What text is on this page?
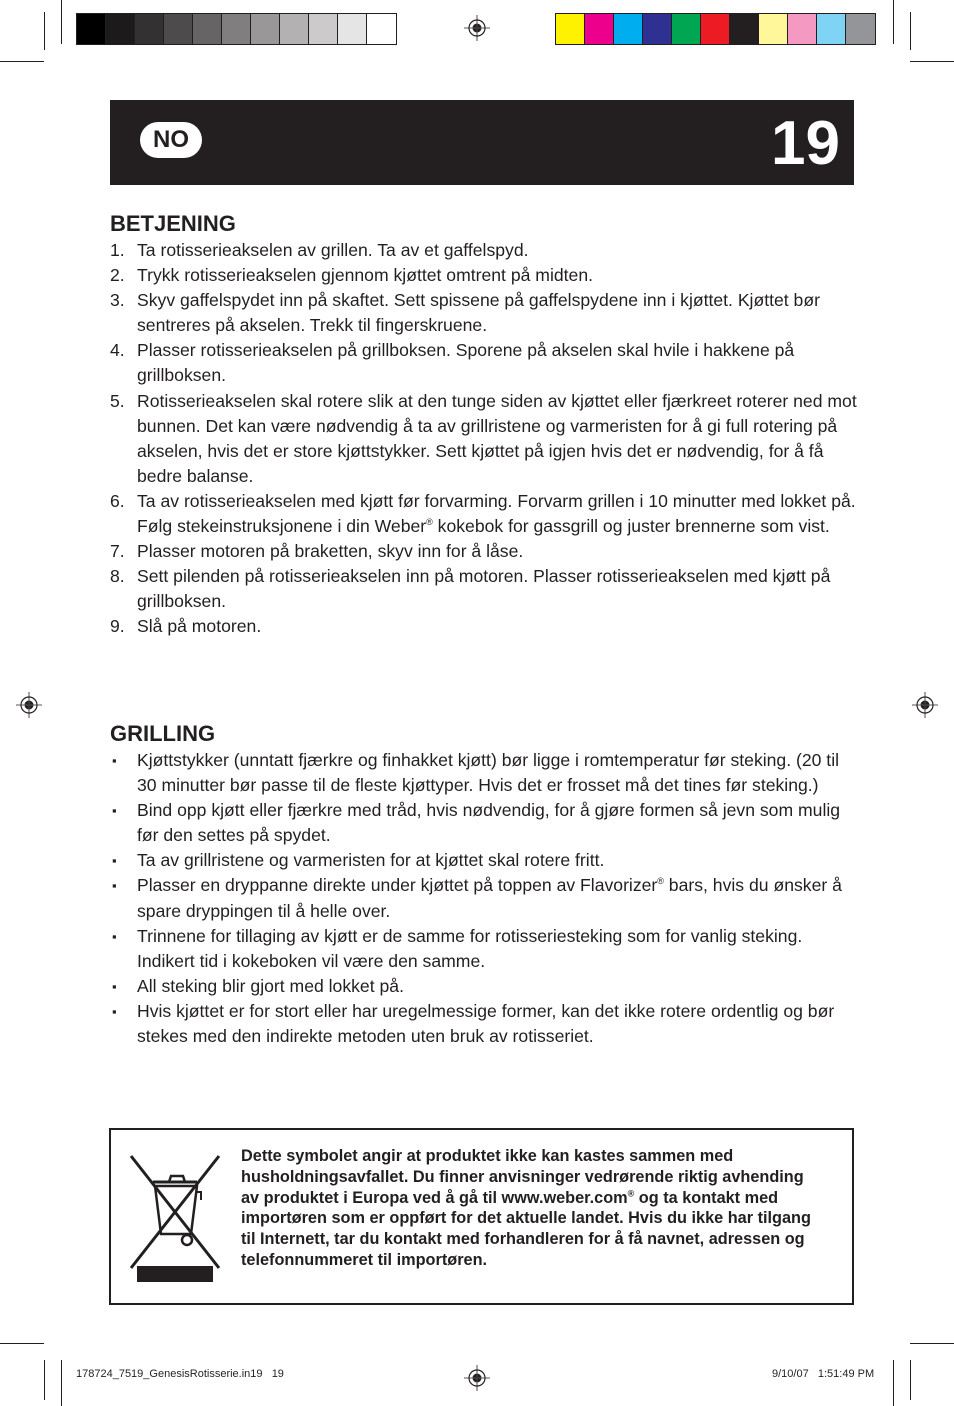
NO	19
BETJENING
1. Ta rotisserieakselen av grillen. Ta av et gaffelspyd.
2. Trykk rotisserieakselen gjennom kjøttet omtrent på midten.
3. Skyv gaffelspydet inn på skaftet. Sett spissene på gaffelspydene inn i kjøttet. Kjøttet bør sentreres på akselen. Trekk til fingerskruene.
4. Plasser rotisserieakselen på grillboksen. Sporene på akselen skal hvile i hakkene på grillboksen.
5. Rotisserieakselen skal rotere slik at den tunge siden av kjøttet eller fjærkreet roterer ned mot bunnen. Det kan være nødvendig å ta av grillristene og varmeristen for å gi full rotering på akselen, hvis det er store kjøttstykker. Sett kjøttet på igjen hvis det er nødvendig, for å få bedre balanse.
6. Ta av rotisserieakselen med kjøtt før forvarming. Forvarm grillen i 10 minutter med lokket på. Følg stekeinstruksjonene i din Weber® kokebok for gassgrill og juster brennerne som vist.
7. Plasser motoren på braketten, skyv inn for å låse.
8. Sett pilenden på rotisserieakselen inn på motoren. Plasser rotisserieakselen med kjøtt på grillboksen.
9. Slå på motoren.
GRILLING
▪ Kjøttstykker (unntatt fjærkre og finhakket kjøtt) bør ligge i romtemperatur før steking. (20 til 30 minutter bør passe til de fleste kjøttyper. Hvis det er frosset må det tines før steking.)
▪ Bind opp kjøtt eller fjærkre med tråd, hvis nødvendig, for å gjøre formen så jevn som mulig før den settes på spydet.
▪ Ta av grillristene og varmeristen for at kjøttet skal rotere fritt.
▪ Plasser en dryppanne direkte under kjøttet på toppen av Flavorizer® bars, hvis du ønsker å spare dryppingen til å helle over.
▪ Trinnene for tillaging av kjøtt er de samme for rotisseriesteking som for vanlig steking. Indikert tid i kokeboken vil være den samme.
▪ All steking blir gjort med lokket på.
▪ Hvis kjøttet er for stort eller har uregelmessige former, kan det ikke rotere ordentlig og bør stekes med den indirekte metoden uten bruk av rotisseriet.
Dette symbolet angir at produktet ikke kan kastes sammen med husholdningsavfallet. Du finner anvisninger vedrørende riktig avhending av produktet i Europa ved å gå til www.weber.com® og ta kontakt med importøren som er oppført for det aktuelle landet. Hvis du ikke har tilgang til Internett, tar du kontakt med forhandleren for å få navnet, adressen og telefonnummeret til importøren.
178724_7519_GenesisRotisserie.in19   19	9/10/07   1:51:49 PM
